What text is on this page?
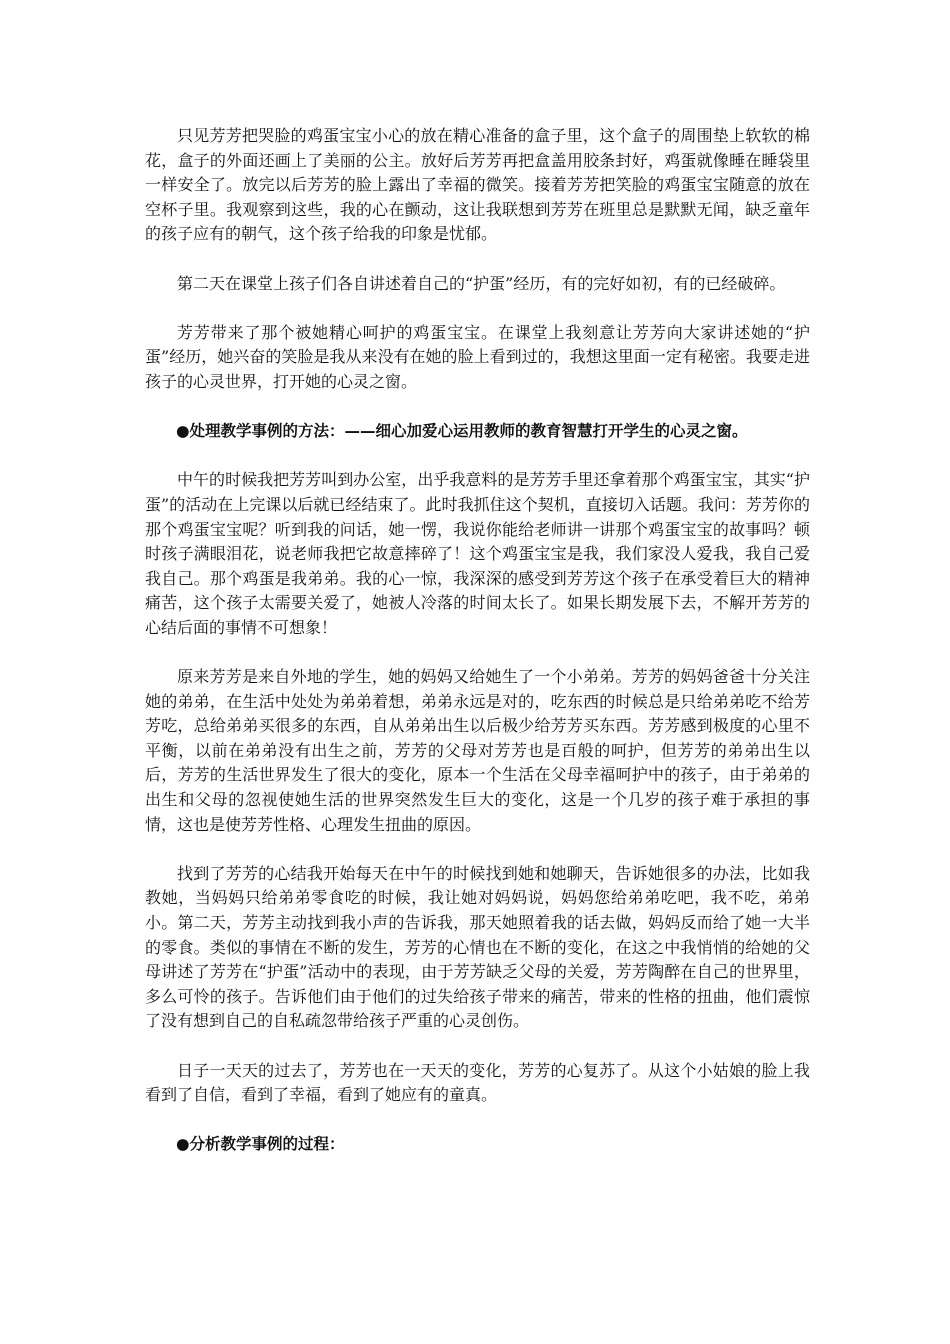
只见芳芳把哭脸的鸡蛋宝宝小心的放在精心准备的盒子里，这个盒子的周围垫上软软的棉花，盒子的外面还画上了美丽的公主。放好后芳芳再把盒盖用胶条封好，鸡蛋就像睡在睡袋里一样安全了。放完以后芳芳的脸上露出了幸福的微笑。接着芳芳把笑脸的鸡蛋宝宝随意的放在空杯子里。我观察到这些，我的心在颤动，这让我联想到芳芳在班里总是默默无闻，缺乏童年的孩子应有的朝气，这个孩子给我的印象是忧郁。

第二天在课堂上孩子们各自讲述着自己的“护蛋”经历，有的完好如初，有的已经破碎。

芳芳带来了那个被她精心呵护的鸡蛋宝宝。在课堂上我刻意让芳芳向大家讲述她的“护蛋”经历，她兴奋的笑脸是我从来没有在她的脸上看到过的，我想这里面一定有秘密。我要走进孩子的心灵世界，打开她的心灵之窗。

●处理教学事例的方法：——细心加爱心运用教师的教育智慧打开学生的心灵之窗。

中午的时候我把芳芳叫到办公室，出乎我意料的是芳芳手里还拿着那个鸡蛋宝宝，其实“护蛋”的活动在上完课以后就已经结束了。此时我抓住这个契机，直接切入话题。我问：芳芳你的那个鸡蛋宝宝呢？听到我的问话，她一愣，我说你能给老师讲一讲那个鸡蛋宝宝的故事吗？顿时孩子满眼泪花，说老师我把它故意摔碎了！这个鸡蛋宝宝是我，我们家没人爱我，我自己爱我自己。那个鸡蛋是我弟弟。我的心一惊，我深深的感受到芳芳这个孩子在承受着巨大的精神痛苦，这个孩子太需要关爱了，她被人冷落的时间太长了。如果长期发展下去，不解开芳芳的心结后面的事情不可想象！

原来芳芳是来自外地的学生，她的妈妈又给她生了一个小弟弟。芳芳的妈妈爸爸十分关注她的弟弟，在生活中处处为弟弟着想，弟弟永远是对的，吃东西的时候总是只给弟弟吃不给芳芳吃，总给弟弟买很多的东西，自从弟弟出生以后极少给芳芳买东西。芳芳感到极度的心里不平衡，以前在弟弟没有出生之前，芳芳的父母对芳芳也是百般的呵护，但芳芳的弟弟出生以后，芳芳的生活世界发生了很大的变化，原本一个生活在父母幸福呵护中的孩子，由于弟弟的出生和父母的忽视使她生活的世界突然发生巨大的变化，这是一个几岁的孩子难于承担的事情，这也是使芳芳性格、心理发生扭曲的原因。

找到了芳芳的心结我开始每天在中午的时候找到她和她聊天，告诉她很多的办法，比如我教她，当妈妈只给弟弟零食吃的时候，我让她对妈妈说，妈妈您给弟弟吃吧，我不吃，弟弟小。第二天，芳芳主动找到我小声的告诉我，那天她照着我的话去做，妈妈反而给了她一大半的零食。类似的事情在不断的发生，芳芳的心情也在不断的变化，在这之中我悄悄的给她的父母讲述了芳芳在“护蛋”活动中的表现，由于芳芳缺乏父母的关爱，芳芳陶醉在自己的世界里，多么可怜的孩子。告诉他们由于他们的过失给孩子带来的痛苦，带来的性格的扭曲，他们震惊了没有想到自己的自私疏忽带给孩子严重的心灵创伤。

日子一天天的过去了，芳芳也在一天天的变化，芳芳的心复苏了。从这个小姑娘的脸上我看到了自信，看到了幸福，看到了她应有的童真。

●分析教学事例的过程：
